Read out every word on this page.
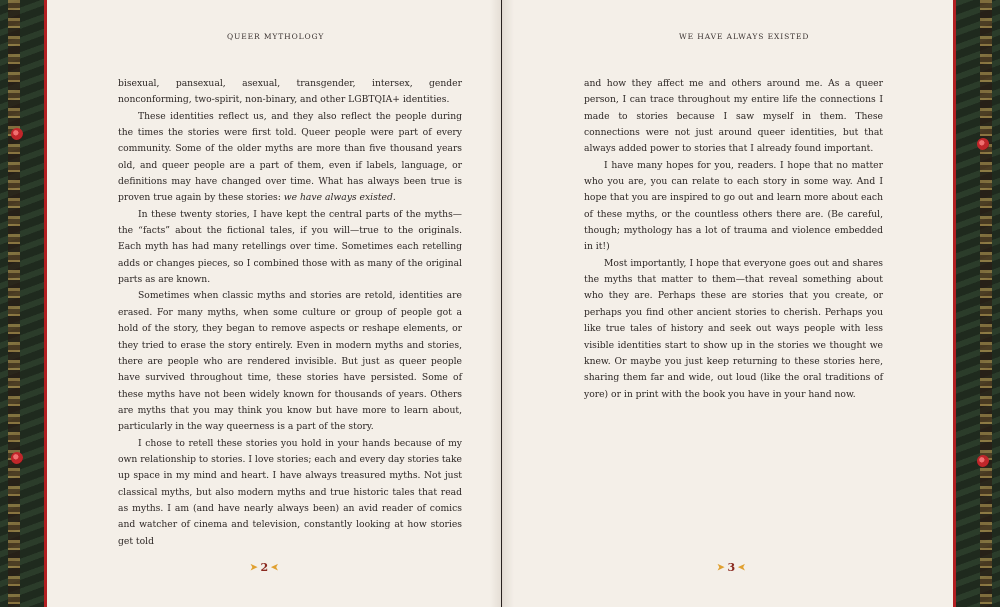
QUEER MYTHOLOGY

bisexual, pansexual, asexual, transgender, intersex, gender nonconforming, two-spirit, non-binary, and other LGBTQIA+ identities.

These identities reflect us, and they also reflect the people during the times the stories were first told. Queer people were part of every community. Some of the older myths are more than five thousand years old, and queer people are a part of them, even if labels, language, or definitions may have changed over time. What has always been true is proven true again by these stories: we have always existed.

In these twenty stories, I have kept the central parts of the myths—the “facts” about the fictional tales, if you will—true to the originals. Each myth has had many retellings over time. Sometimes each retelling adds or changes pieces, so I combined those with as many of the original parts as are known.

Sometimes when classic myths and stories are retold, identities are erased. For many myths, when some culture or group of people got a hold of the story, they began to remove aspects or reshape elements, or they tried to erase the story entirely. Even in modern myths and stories, there are people who are rendered invisible. But just as queer people have survived throughout time, these stories have persisted. Some of these myths have not been widely known for thousands of years. Others are myths that you may think you know but have more to learn about, particularly in the way queerness is a part of the story.

I chose to retell these stories you hold in your hands because of my own relationship to stories. I love stories; each and every day stories take up space in my mind and heart. I have always treasured myths. Not just classical myths, but also modern myths and true historic tales that read as myths. I am (and have nearly always been) an avid reader of comics and watcher of cinema and television, constantly looking at how stories get told

➤ 2 ➤
WE HAVE ALWAYS EXISTED

and how they affect me and others around me. As a queer person, I can trace throughout my entire life the connections I made to stories because I saw myself in them. These connections were not just around queer identities, but that always added power to stories that I already found important.

I have many hopes for you, readers. I hope that no matter who you are, you can relate to each story in some way. And I hope that you are inspired to go out and learn more about each of these myths, or the countless others there are. (Be careful, though; mythology has a lot of trauma and violence embedded in it!)

Most importantly, I hope that everyone goes out and shares the myths that matter to them—that reveal something about who they are. Perhaps these are stories that you create, or perhaps you find other ancient stories to cherish. Perhaps you like true tales of history and seek out ways people with less visible identities start to show up in the stories we thought we knew. Or maybe you just keep returning to these stories here, sharing them far and wide, out loud (like the oral traditions of yore) or in print with the book you have in your hand now.

➤ 3 ➤
